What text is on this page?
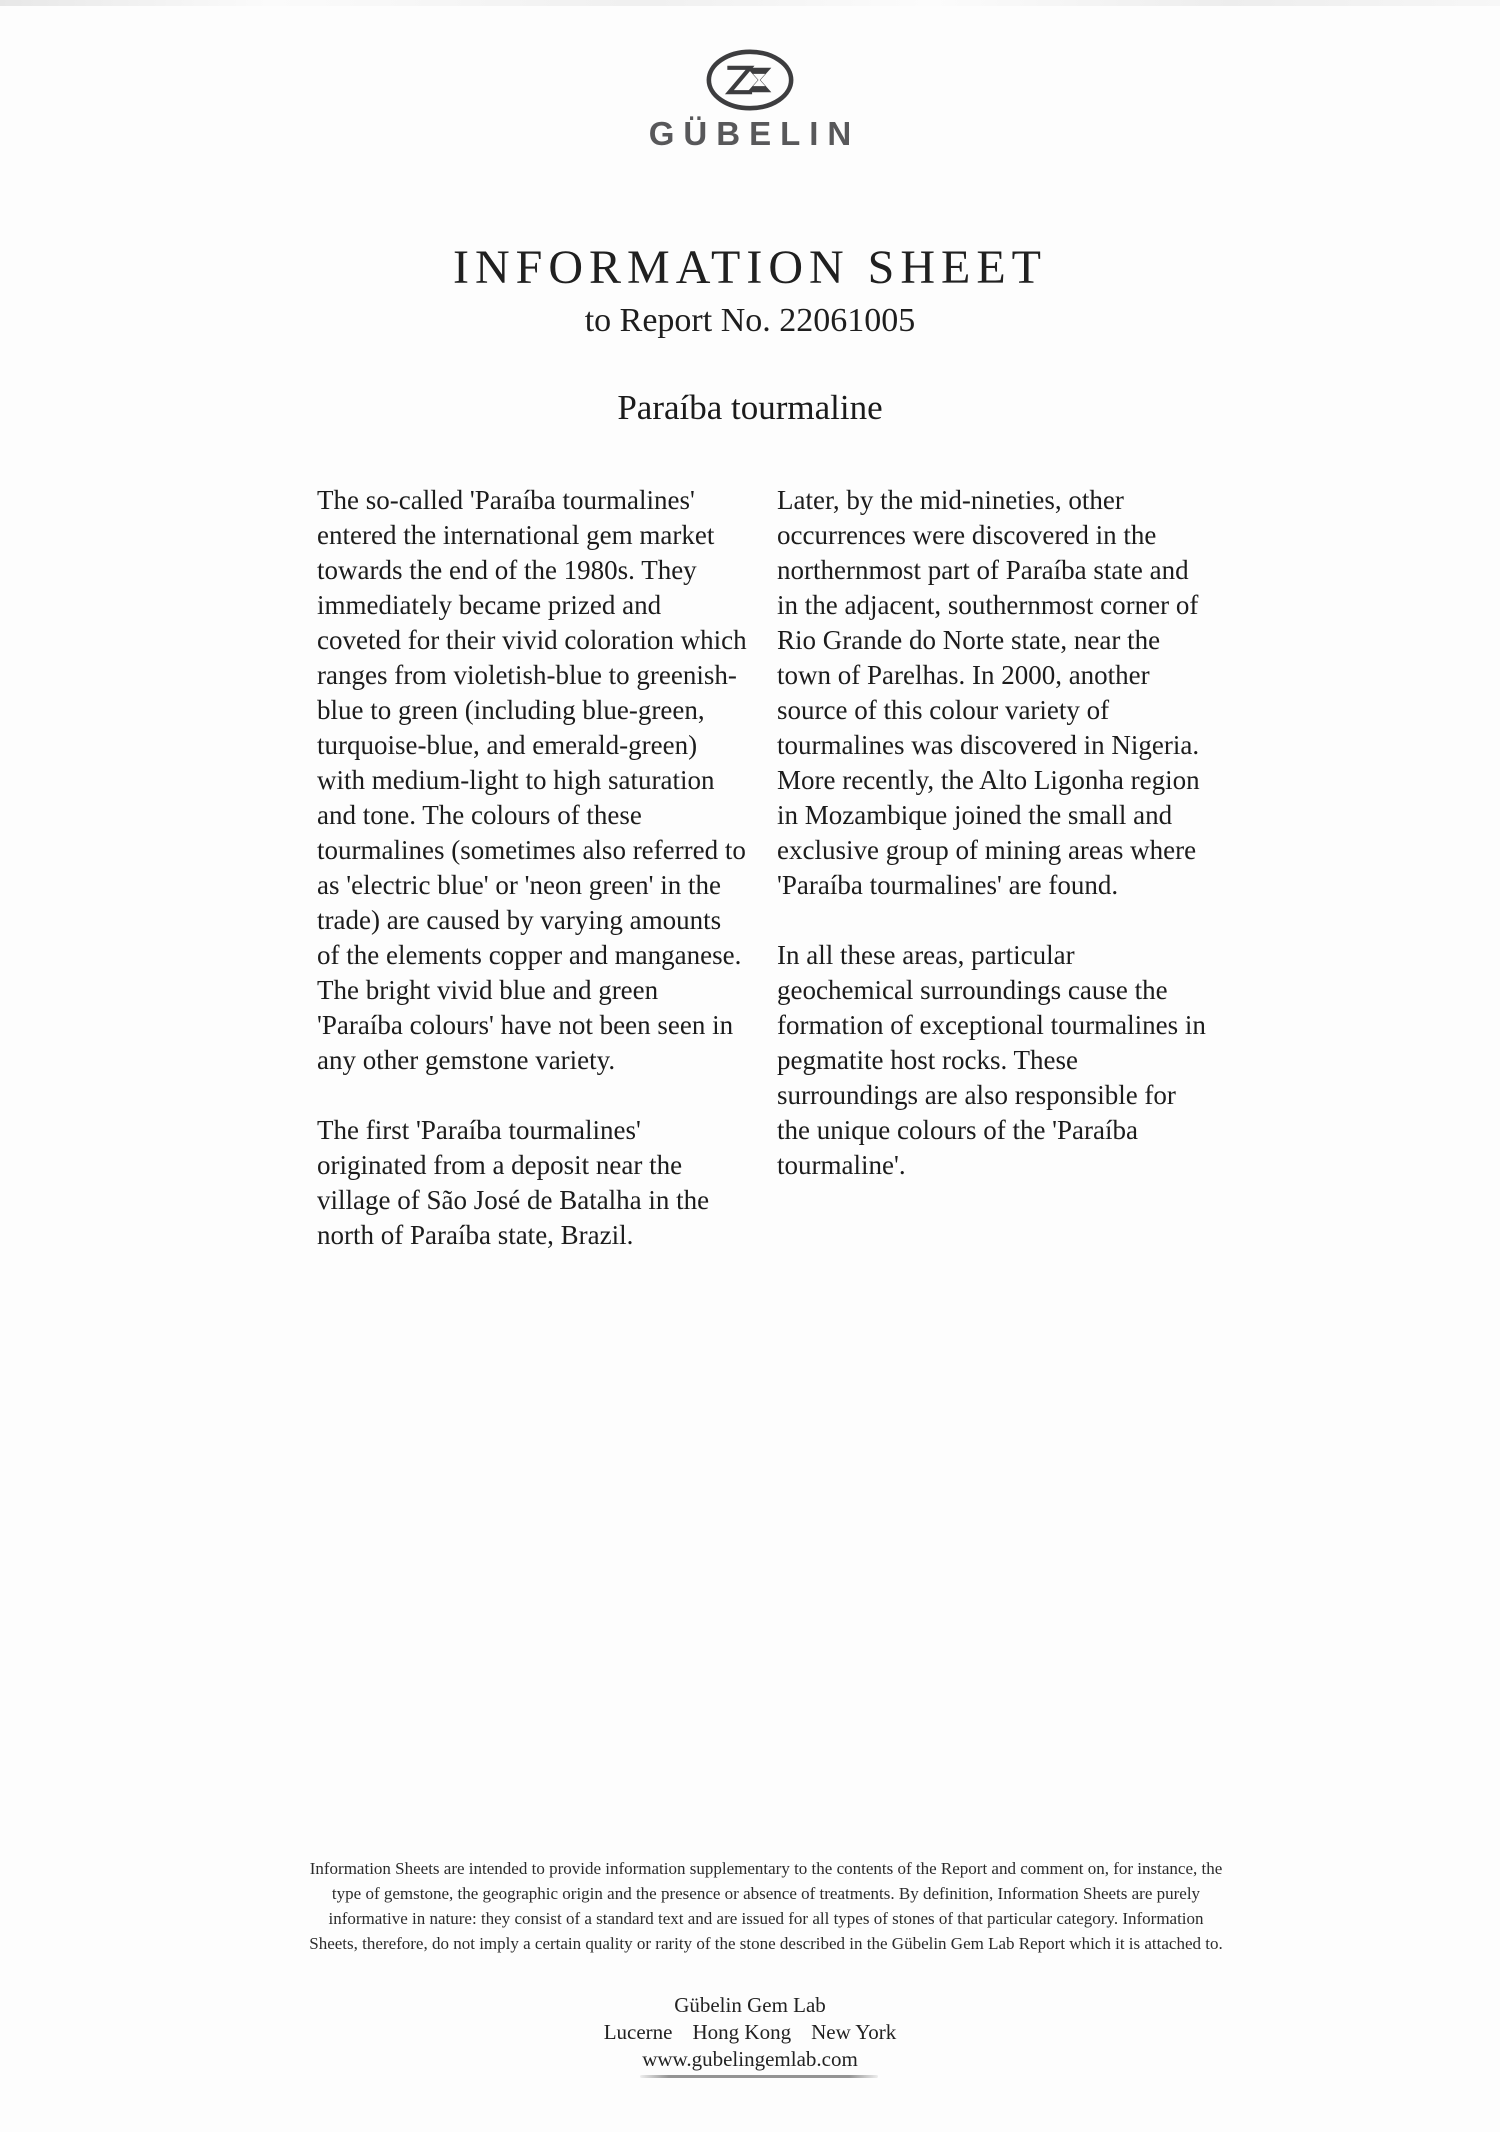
GÜBELIN
INFORMATION SHEET
to Report No. 22061005
Paraíba tourmaline

The so-called 'Paraíba tourmalines' entered the international gem market towards the end of the 1980s. They immediately became prized and coveted for their vivid coloration which ranges from violetish-blue to greenish-blue to green (including blue-green, turquoise-blue, and emerald-green) with medium-light to high saturation and tone. The colours of these tourmalines (sometimes also referred to as 'electric blue' or 'neon green' in the trade) are caused by varying amounts of the elements copper and manganese. The bright vivid blue and green 'Paraíba colours' have not been seen in any other gemstone variety.

The first 'Paraíba tourmalines' originated from a deposit near the village of São José de Batalha in the north of Paraíba state, Brazil.

Later, by the mid-nineties, other occurrences were discovered in the northernmost part of Paraíba state and in the adjacent, southernmost corner of Rio Grande do Norte state, near the town of Parelhas. In 2000, another source of this colour variety of tourmalines was discovered in Nigeria. More recently, the Alto Ligonha region in Mozambique joined the small and exclusive group of mining areas where 'Paraíba tourmalines' are found.

In all these areas, particular geochemical surroundings cause the formation of exceptional tourmalines in pegmatite host rocks. These surroundings are also responsible for the unique colours of the 'Paraíba tourmaline'.

Information Sheets are intended to provide information supplementary to the contents of the Report and comment on, for instance, the type of gemstone, the geographic origin and the presence or absence of treatments. By definition, Information Sheets are purely informative in nature: they consist of a standard text and are issued for all types of stones of that particular category. Information Sheets, therefore, do not imply a certain quality or rarity of the stone described in the Gübelin Gem Lab Report which it is attached to.

Gübelin Gem Lab
Lucerne Hong Kong New York
www.gubelingemlab.com
